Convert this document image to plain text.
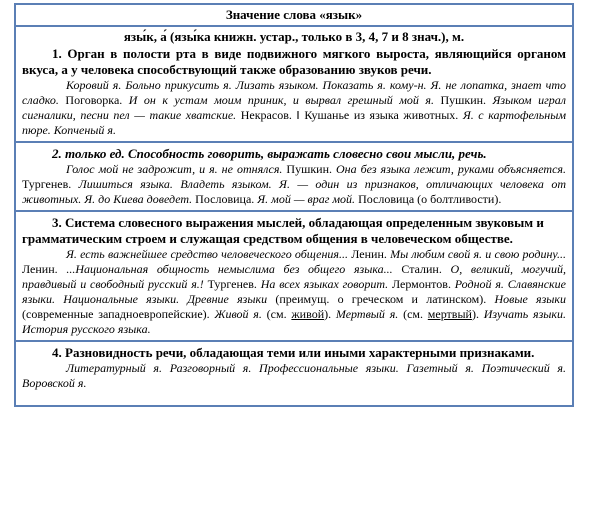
Значение слова «язык»
язы́к, а́ (язы́ка книжн. устар., только в 3, 4, 7 и 8 знач.), м.

1. Орган в полости рта в виде подвижного мягкого выроста, являющийся органом вкуса, а у человека способствующий также образованию звуков речи.

Коровий я. Больно прикусить я. Лизать языком. Показать я. кому-н. Я. не лопатка, знает что сладко. Поговорка. И он к устам моим приник, и вырвал грешный мой я. Пушкин. Языком играл сигналики, песни пел — такие хватские. Некрасов. ‖ Кушанье из языка животных. Я. с картофельным пюре. Копченый я.

2. только ед. Способность говорить, выражать словесно свои мысли, речь.

Голос мой не задрожит, и я. не отнялся. Пушкин. Она без языка лежит, руками объясняется. Тургенев. Лишиться языка. Владеть языком. Я. — один из признаков, отличающих человека от животных. Я. до Киева доведет. Пословица. Я. мой — враг мой. Пословица (о болтливости).

3. Система словесного выражения мыслей, обладающая определенным звуковым и грамматическим строем и служащая средством общения в человеческом обществе.

Я. есть важнейшее средство человеческого общения... Ленин. Мы любим свой я. и свою родину... Ленин. ...Национальная общность немыслима без общего языка... Сталин. О, великий, могучий, правдивый и свободный русский я.! Тургенев. На всех языках говорит. Лермонтов. Родной я. Славянские языки. Национальные языки. Древние языки (преимущ. о греческом и латинском). Новые языки (современные западноевропейские). Живой я. (см. живой). Мертвый я. (см. мертвый). Изучать языки. История русского языка.

4. Разновидность речи, обладающая теми или иными характерными признаками.

Литературный я. Разговорный я. Профессиональные языки. Газетный я. Поэтический я. Воровской я.
